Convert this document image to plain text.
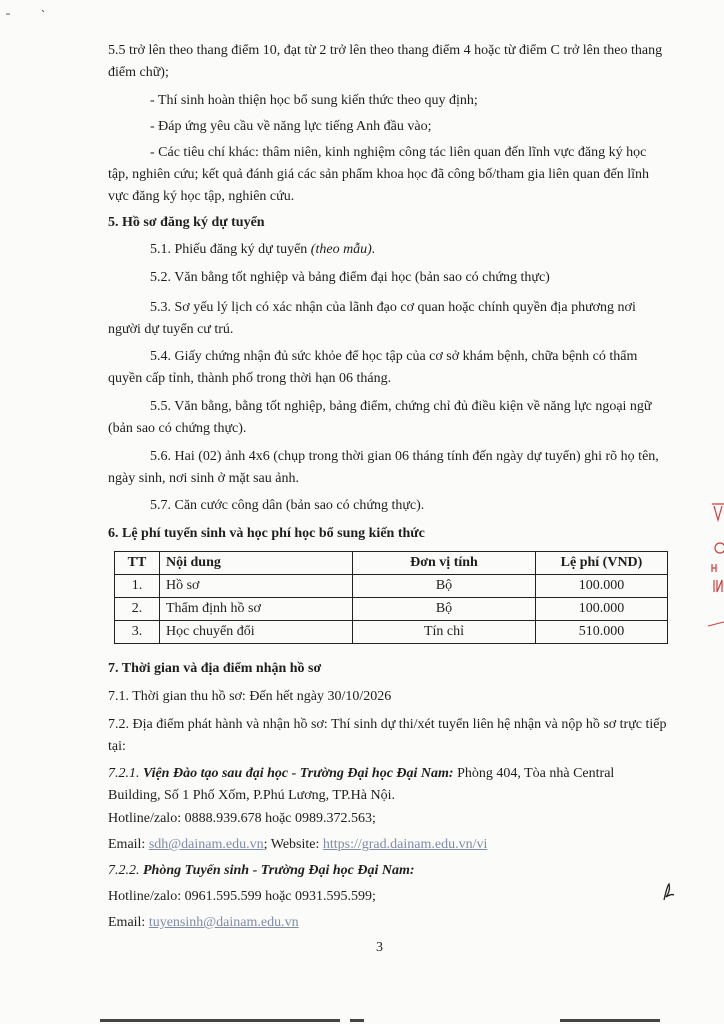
5.5 trở lên theo thang điểm 10, đạt từ 2 trở lên theo thang điểm 4 hoặc từ điểm C trở lên theo thang điểm chữ);
- Thí sinh hoàn thiện học bổ sung kiến thức theo quy định;
- Đáp ứng yêu cầu về năng lực tiếng Anh đầu vào;
- Các tiêu chí khác: thâm niên, kinh nghiệm công tác liên quan đến lĩnh vực đăng ký học tập, nghiên cứu; kết quả đánh giá các sản phẩm khoa học đã công bố/tham gia liên quan đến lĩnh vực đăng ký học tập, nghiên cứu.
5. Hồ sơ đăng ký dự tuyển
5.1. Phiếu đăng ký dự tuyển (theo mẫu).
5.2. Văn bằng tốt nghiệp và bảng điểm đại học (bản sao có chứng thực)
5.3. Sơ yếu lý lịch có xác nhận của lãnh đạo cơ quan hoặc chính quyền địa phương nơi người dự tuyển cư trú.
5.4. Giấy chứng nhận đủ sức khỏe để học tập của cơ sở khám bệnh, chữa bệnh có thẩm quyền cấp tỉnh, thành phố trong thời hạn 06 tháng.
5.5. Văn bằng, bằng tốt nghiệp, bảng điểm, chứng chỉ đủ điều kiện về năng lực ngoại ngữ (bản sao có chứng thực).
5.6. Hai (02) ảnh 4x6 (chụp trong thời gian 06 tháng tính đến ngày dự tuyển) ghi rõ họ tên, ngày sinh, nơi sinh ở mặt sau ảnh.
5.7. Căn cước công dân (bản sao có chứng thực).
6. Lệ phí tuyển sinh và học phí học bổ sung kiến thức
TT	Nội dung	Đơn vị tính	Lệ phí (VND)
1.	Hồ sơ	Bộ	100.000
2.	Thẩm định hồ sơ	Bộ	100.000
3.	Học chuyển đổi	Tín chỉ	510.000
7. Thời gian và địa điểm nhận hồ sơ
7.1. Thời gian thu hồ sơ: Đến hết ngày 30/10/2026
7.2. Địa điểm phát hành và nhận hồ sơ: Thí sinh dự thi/xét tuyển liên hệ nhận và nộp hồ sơ trực tiếp tại:
7.2.1. Viện Đào tạo sau đại học - Trường Đại học Đại Nam: Phòng 404, Tòa nhà Central Building, Số 1 Phố Xốm, P.Phú Lương, TP.Hà Nội.
Hotline/zalo: 0888.939.678 hoặc 0989.372.563;
Email: sdh@dainam.edu.vn; Website: https://grad.dainam.edu.vn/vi
7.2.2. Phòng Tuyển sinh - Trường Đại học Đại Nam:
Hotline/zalo: 0961.595.599 hoặc 0931.595.599;
Email: tuyensinh@dainam.edu.vn
3
